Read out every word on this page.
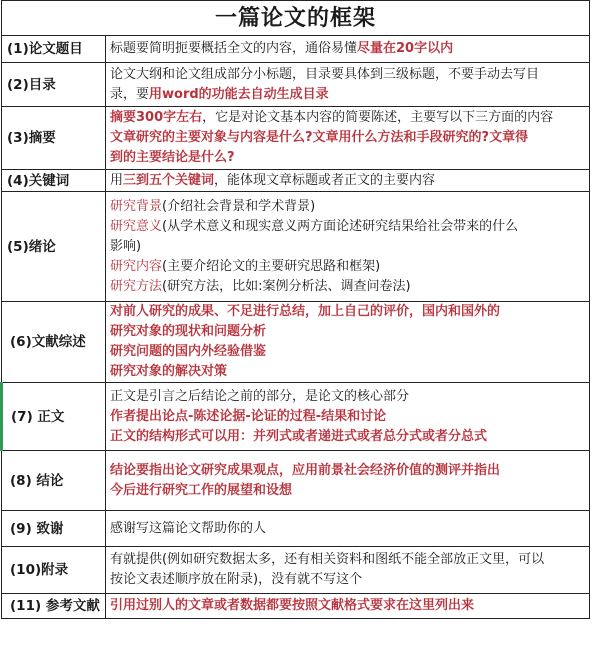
一篇论文的框架	
(1)论文题目	标题要简明扼要概括全文的内容，通俗易懂尽量在20字以内

(2)目录	论文大纲和论文组成部分小标题，目录要具体到三级标题，不要手动去写目
录，要用word的功能去自动生成目录

(3)摘要	摘要300字左右，它是对论文基本内容的简要陈述，主要写以下三方面的内容
文章研究的主要对象与内容是什么?文章用什么方法和手段研究的?文章得
到的主要结论是什么?

(4)关键词	用三到五个关键词，能体现文章标题或者正文的主要内容

(5)绪论	研究背景(介绍社会背景和学术背景)
研究意义(从学术意义和现实意义两方面论述研究结果给社会带来的什么
影响)
研究内容(主要介绍论文的主要研究思路和框架)
研究方法(研究方法，比如:案例分析法、调查问卷法)

(6)文献综述	对前人研究的成果、不足进行总结，加上自己的评价，国内和国外的
研究对象的现状和问题分析
研究问题的国内外经验借鉴
研究对象的解决对策

(7) 正文	正文是引言之后结论之前的部分，是论文的核心部分
作者提出论点-陈述论据-论证的过程-结果和讨论
正文的结构形式可以用：并列式或者递进式或者总分式或者分总式

(8) 结论	结论要指出论文研究成果观点，应用前景社会经济价值的测评并指出
今后进行研究工作的展望和设想

(9) 致谢	感谢写这篇论文帮助你的人

(10)附录	有就提供(例如研究数据太多，还有相关资料和图纸不能全部放正文里，可以
按论文表述顺序放在附录)，没有就不写这个

(11) 参考文献	引用过别人的文章或者数据都要按照文献格式要求在这里列出来
